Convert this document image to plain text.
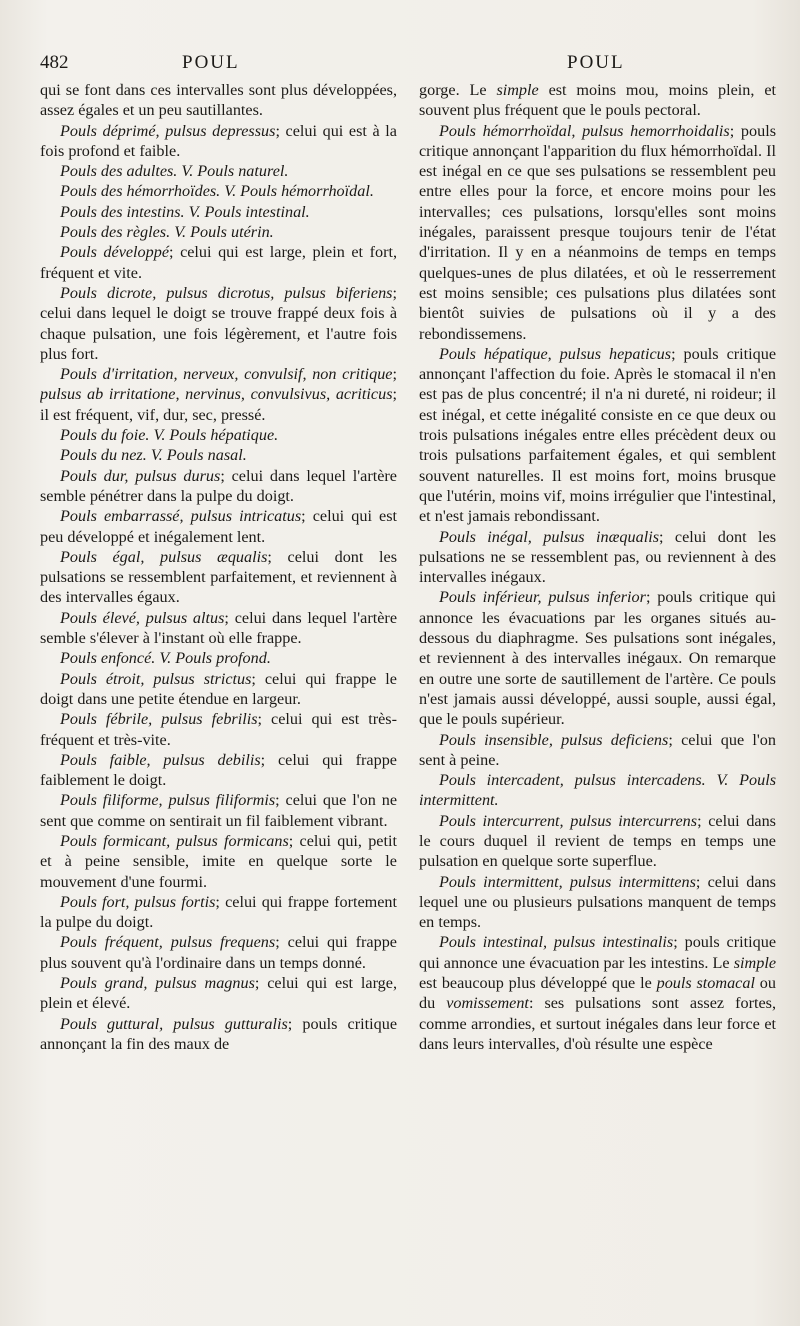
482	POUL	POUL

qui se font dans ces intervalles sont plus développées, assez égales et un peu sautillantes.

Pouls déprimé, pulsus depressus; celui qui est à la fois profond et faible.

Pouls des adultes. V. Pouls naturel.

Pouls des hémorrhoïdes. V. Pouls hémorrhoïdal.

Pouls des intestins. V. Pouls intestinal.

Pouls des règles. V. Pouls utérin.

Pouls développé; celui qui est large, plein et fort, fréquent et vite.

Pouls dicrote, pulsus dicrotus, pulsus biferiens; celui dans lequel le doigt se trouve frappé deux fois à chaque pulsation, une fois légèrement, et l'autre fois plus fort.

Pouls d'irritation, nerveux, convulsif, non critique; pulsus ab irritatione, nervinus, convulsivus, acriticus; il est fréquent, vif, dur, sec, pressé.

Pouls du foie. V. Pouls hépatique.

Pouls du nez. V. Pouls nasal.

Pouls dur, pulsus durus; celui dans lequel l'artère semble pénétrer dans la pulpe du doigt.

Pouls embarrassé, pulsus intricatus; celui qui est peu développé et inégalement lent.

Pouls égal, pulsus æqualis; celui dont les pulsations se ressemblent parfaitement, et reviennent à des intervalles égaux.

Pouls élevé, pulsus altus; celui dans lequel l'artère semble s'élever à l'instant où elle frappe.

Pouls enfoncé. V. Pouls profond.

Pouls étroit, pulsus strictus; celui qui frappe le doigt dans une petite étendue en largeur.

Pouls fébrile, pulsus febrilis; celui qui est très-fréquent et très-vite.

Pouls faible, pulsus debilis; celui qui frappe faiblement le doigt.

Pouls filiforme, pulsus filiformis; celui que l'on ne sent que comme on sentirait un fil faiblement vibrant.

Pouls formicant, pulsus formicans; celui qui, petit et à peine sensible, imite en quelque sorte le mouvement d'une fourmi.

Pouls fort, pulsus fortis; celui qui frappe fortement la pulpe du doigt.

Pouls fréquent, pulsus frequens; celui qui frappe plus souvent qu'à l'ordinaire dans un temps donné.

Pouls grand, pulsus magnus; celui qui est large, plein et élevé.

Pouls guttural, pulsus gutturalis; pouls critique annonçant la fin des maux de

gorge. Le simple est moins mou, moins plein, et souvent plus fréquent que le pouls pectoral.

Pouls hémorrhoïdal, pulsus hemorrhoidalis; pouls critique annonçant l'apparition du flux hémorrhoïdal. Il est inégal en ce que ses pulsations se ressemblent peu entre elles pour la force, et encore moins pour les intervalles; ces pulsations, lorsqu'elles sont moins inégales, paraissent presque toujours tenir de l'état d'irritation. Il y en a néanmoins de temps en temps quelques-unes de plus dilatées, et où le resserrement est moins sensible; ces pulsations plus dilatées sont bientôt suivies de pulsations où il y a des rebondissemens.

Pouls hépatique, pulsus hepaticus; pouls critique annonçant l'affection du foie. Après le stomacal il n'en est pas de plus concentré; il n'a ni dureté, ni roideur; il est inégal, et cette inégalité consiste en ce que deux ou trois pulsations inégales entre elles précèdent deux ou trois pulsations parfaitement égales, et qui semblent souvent naturelles. Il est moins fort, moins brusque que l'utérin, moins vif, moins irrégulier que l'intestinal, et n'est jamais rebondissant.

Pouls inégal, pulsus inæqualis; celui dont les pulsations ne se ressemblent pas, ou reviennent à des intervalles inégaux.

Pouls inférieur, pulsus inferior; pouls critique qui annonce les évacuations par les organes situés au-dessous du diaphragme. Ses pulsations sont inégales, et reviennent à des intervalles inégaux. On remarque en outre une sorte de sautillement de l'artère. Ce pouls n'est jamais aussi développé, aussi souple, aussi égal, que le pouls supérieur.

Pouls insensible, pulsus deficiens; celui que l'on sent à peine.

Pouls intercadent, pulsus intercadens. V. Pouls intermittent.

Pouls intercurrent, pulsus intercurrens; celui dans le cours duquel il revient de temps en temps une pulsation en quelque sorte superflue.

Pouls intermittent, pulsus intermittens; celui dans lequel une ou plusieurs pulsations manquent de temps en temps.

Pouls intestinal, pulsus intestinalis; pouls critique qui annonce une évacuation par les intestins. Le simple est beaucoup plus développé que le pouls stomacal ou du vomissement: ses pulsations sont assez fortes, comme arrondies, et surtout inégales dans leur force et dans leurs intervalles, d'où résulte une espèce
